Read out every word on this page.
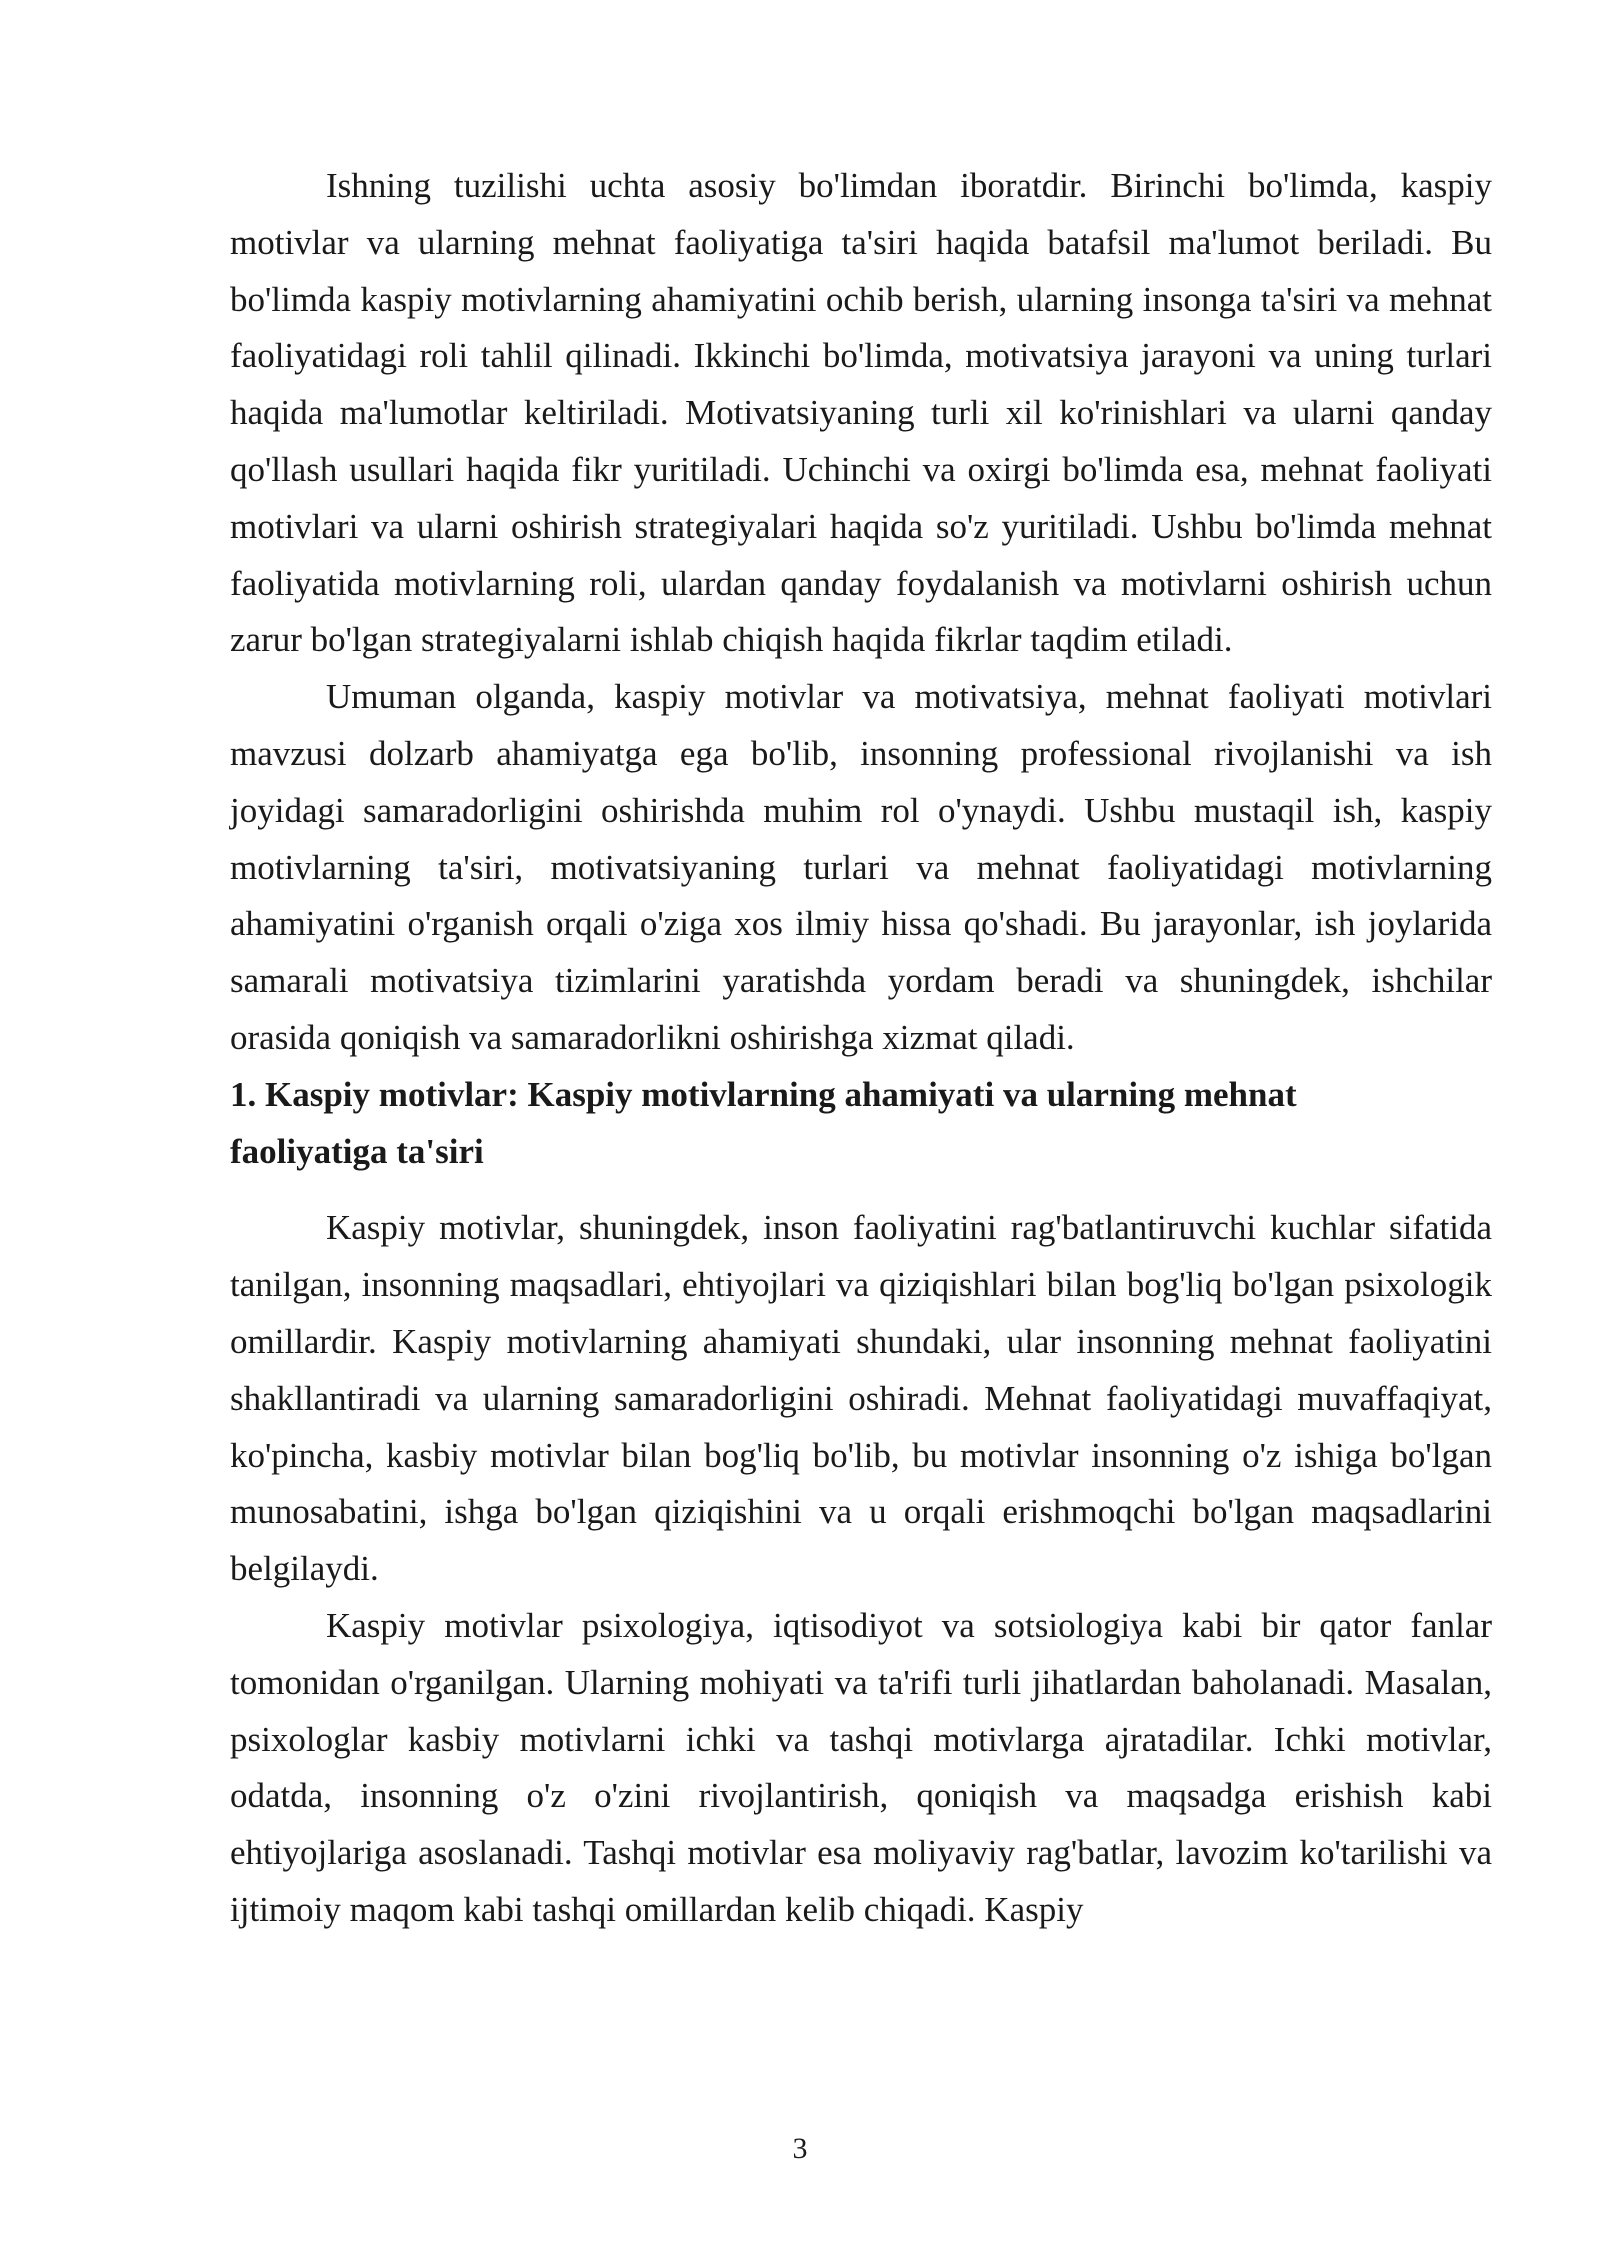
Ishning tuzilishi uchta asosiy bo'limdan iboratdir. Birinchi bo'limda, kaspiy motivlar va ularning mehnat faoliyatiga ta'siri haqida batafsil ma'lumot beriladi. Bu bo'limda kaspiy motivlarning ahamiyatini ochib berish, ularning insonga ta'siri va mehnat faoliyatidagi roli tahlil qilinadi. Ikkinchi bo'limda, motivatsiya jarayoni va uning turlari haqida ma'lumotlar keltiriladi. Motivatsiyaning turli xil ko'rinishlari va ularni qanday qo'llash usullari haqida fikr yuritiladi. Uchinchi va oxirgi bo'limda esa, mehnat faoliyati motivlari va ularni oshirish strategiyalari haqida so'z yuritiladi. Ushbu bo'limda mehnat faoliyatida motivlarning roli, ulardan qanday foydalanish va motivlarni oshirish uchun zarur bo'lgan strategiyalarni ishlab chiqish haqida fikrlar taqdim etiladi.

Umuman olganda, kaspiy motivlar va motivatsiya, mehnat faoliyati motivlari mavzusi dolzarb ahamiyatga ega bo'lib, insonning professional rivojlanishi va ish joyidagi samaradorligini oshirishda muhim rol o'ynaydi. Ushbu mustaqil ish, kaspiy motivlarning ta'siri, motivatsiyaning turlari va mehnat faoliyatidagi motivlarning ahamiyatini o'rganish orqali o'ziga xos ilmiy hissa qo'shadi. Bu jarayonlar, ish joylarida samarali motivatsiya tizimlarini yaratishda yordam beradi va shuningdek, ishchilar orasida qoniqish va samaradorlikni oshirishga xizmat qiladi.

1. Kaspiy motivlar: Kaspiy motivlarning ahamiyati va ularning mehnat faoliyatiga ta'siri

Kaspiy motivlar, shuningdek, inson faoliyatini rag'batlantiruvchi kuchlar sifatida tanilgan, insonning maqsadlari, ehtiyojlari va qiziqishlari bilan bog'liq bo'lgan psixologik omillardir. Kaspiy motivlarning ahamiyati shundaki, ular insonning mehnat faoliyatini shakllantiradi va ularning samaradorligini oshiradi. Mehnat faoliyatidagi muvaffaqiyat, ko'pincha, kasbiy motivlar bilan bog'liq bo'lib, bu motivlar insonning o'z ishiga bo'lgan munosabatini, ishga bo'lgan qiziqishini va u orqali erishmoqchi bo'lgan maqsadlarini belgilaydi.

Kaspiy motivlar psixologiya, iqtisodiyot va sotsiologiya kabi bir qator fanlar tomonidan o'rganilgan. Ularning mohiyati va ta'rifi turli jihatlardan baholanadi. Masalan, psixologlar kasbiy motivlarni ichki va tashqi motivlarga ajratadilar. Ichki motivlar, odatda, insonning o'z o'zini rivojlantirish, qoniqish va maqsadga erishish kabi ehtiyojlariga asoslanadi. Tashqi motivlar esa moliyaviy rag'batlar, lavozim ko'tarilishi va ijtimoiy maqom kabi tashqi omillardan kelib chiqadi. Kaspiy

3
